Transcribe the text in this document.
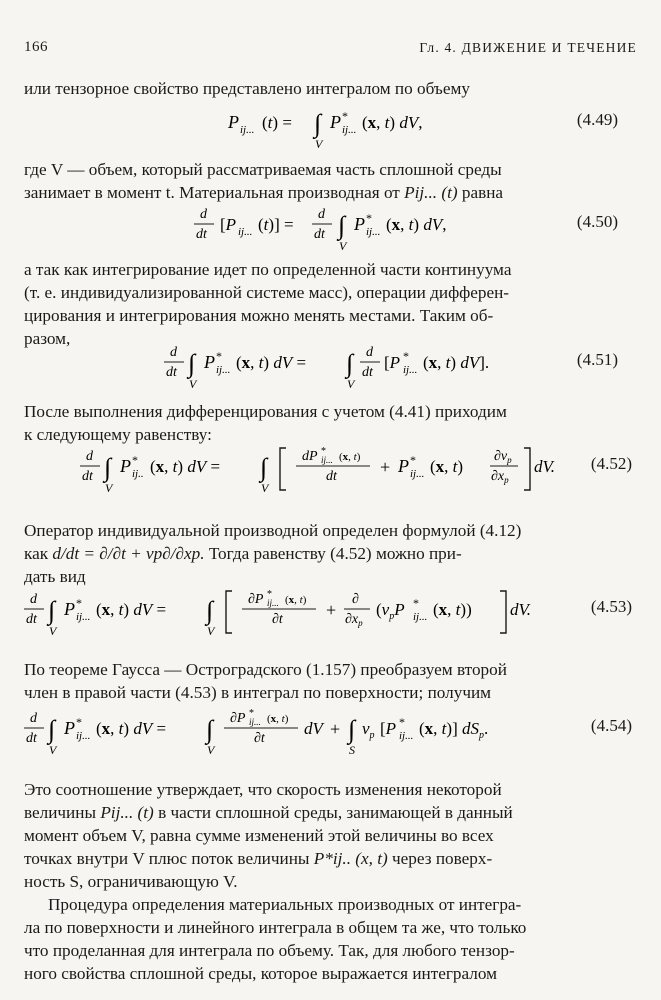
166	Гл. 4. ДВИЖЕНИЕ И ТЕЧЕНИЕ

или тензорное свойство представлено интегралом по объему

P ij... (t) = ∫
V
P *
ij... (x, t) dV,	(4.49)

где V — объем, который рассматриваемая часть сплошной среды
занимает в момент t. Материальная производная от Pij... (t) равна

d
dt
[P ij... (t)] =
d
dt ∫
V
P *
ij... (x, t) dV,	(4.50)

а так как интегрирование идет по определенной части континуума
(т. е. индивидуализированной системе масс), операции дифферен-
цирования и интегрирования можно менять местами. Таким об-
разом,

d
dt ∫
V
P *
ij... (x, t) dV = ∫
V
d
dt
[P *
ij... (x, t) dV].	(4.51)

После выполнения дифференцирования с учетом (4.41) приходим
к следующему равенству:

d
dt ∫
V
P *
ij.. (x, t) dV = ∫
V
dP *
ij... (x, t)
dt + P *
ij... (x, t)
$\partial v_p$
$\partial x_p$
dV. (4.52)

Оператор индивидуальной производной определен формулой (4.12)
как d/dt = ∂/∂t + vp∂/∂xp. Тогда равенству (4.52) можно при-
дать вид

d
dt ∫
V
P *
ij... (x, t) dV = ∫
V
∂P *
ij... (x, t)
∂t +
∂
$\partial x_p$
($v_pP$ *
ij... (x, t)) dV.	(4.53)

По теореме Гаусса — Остроградского (1.157) преобразуем второй
член в правой части (4.53) в интеграл по поверхности; получим

d
dt ∫
V
P *
ij... (x, t) dV = ∫
V
∂P *
ij... (x, t)
∂t
dV + ∫
S
$v_p$ [P *
ij... (x, t)] $dS_p$.	(4.54)

Это соотношение утверждает, что скорость изменения некоторой
величины Pij... (t) в части сплошной среды, занимающей в данный
момент объем V, равна сумме изменений этой величины во всех
точках внутри V плюс поток величины P*ij.. (x, t) через поверх-
ность S, ограничивающую V.

Процедура определения материальных производных от интегра-
ла по поверхности и линейного интеграла в общем та же, что только
что проделанная для интеграла по объему. Так, для любого тензор-
ного свойства сплошной среды, которое выражается интегралом
